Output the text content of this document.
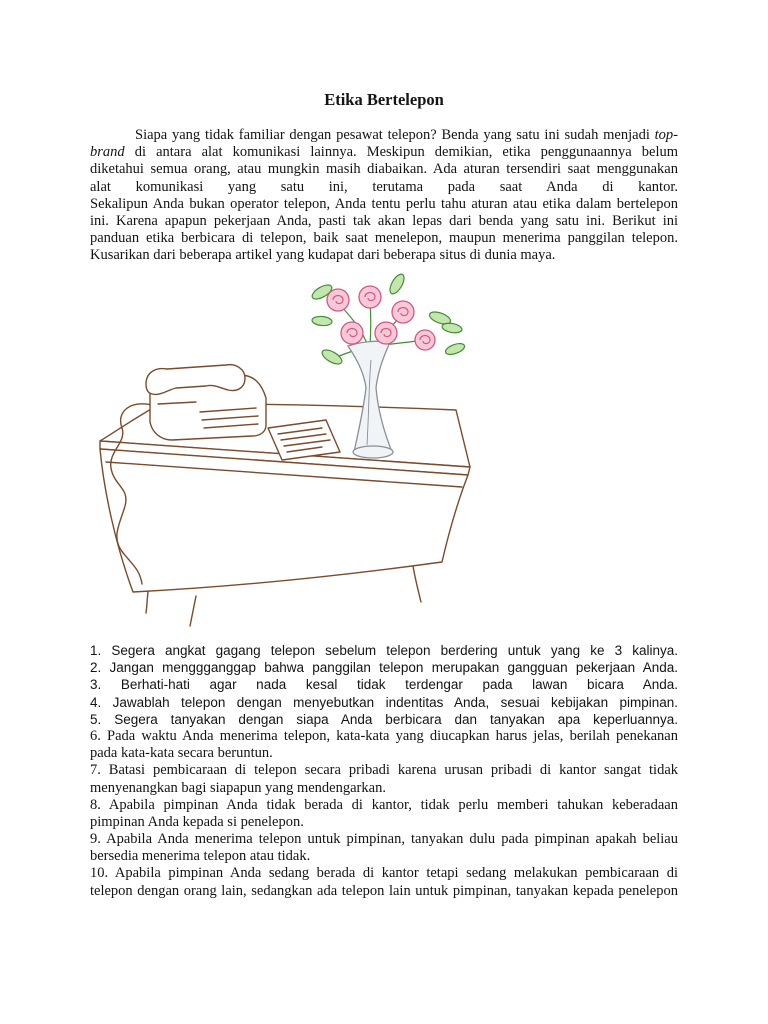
Etika Bertelepon
Siapa yang tidak familiar dengan pesawat telepon? Benda yang satu ini sudah menjadi top-
brand di antara alat komunikasi lainnya. Meskipun demikian, etika penggunaannya belum
diketahui semua orang, atau mungkin masih diabaikan. Ada aturan tersendiri saat menggunakan
alat komunikasi yang satu ini, terutama pada saat Anda di kantor.
Sekalipun Anda bukan operator telepon, Anda tentu perlu tahu aturan atau etika dalam bertelepon
ini. Karena apapun pekerjaan Anda, pasti tak akan lepas dari benda yang satu ini. Berikut ini
panduan etika berbicara di telepon, baik saat menelepon, maupun menerima panggilan telepon.
Kusarikan dari beberapa artikel yang kudapat dari beberapa situs di dunia maya.
1. Segera angkat gagang telepon sebelum telepon berdering untuk yang ke 3 kalinya.
2. Jangan menggganggap bahwa panggilan telepon merupakan gangguan pekerjaan Anda.
3. Berhati-hati agar nada kesal tidak terdengar pada lawan bicara Anda.
4. Jawablah telepon dengan menyebutkan indentitas Anda, sesuai kebijakan pimpinan.
5. Segera tanyakan dengan siapa Anda berbicara dan tanyakan apa keperluannya.
6. Pada waktu Anda menerima telepon, kata-kata yang diucapkan harus jelas, berilah penekanan
pada kata-kata secara beruntun.
7. Batasi pembicaraan di telepon secara pribadi karena urusan pribadi di kantor sangat tidak
menyenangkan bagi siapapun yang mendengarkan.
8. Apabila pimpinan Anda tidak berada di kantor, tidak perlu memberi tahukan keberadaan
pimpinan Anda kepada si penelepon.
9. Apabila Anda menerima telepon untuk pimpinan, tanyakan dulu pada pimpinan apakah beliau
bersedia menerima telepon atau tidak.
10. Apabila pimpinan Anda sedang berada di kantor tetapi sedang melakukan pembicaraan di
telepon dengan orang lain, sedangkan ada telepon lain untuk pimpinan, tanyakan kepada penelepon
